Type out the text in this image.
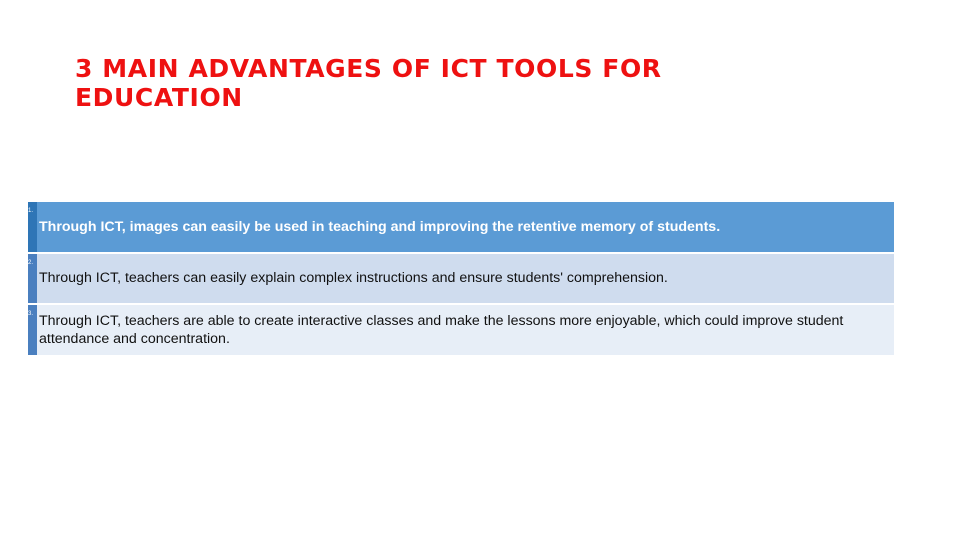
3 MAIN ADVANTAGES OF ICT TOOLS FOR EDUCATION
1.	Through ICT, images can easily be used in teaching and improving the retentive memory of students.
2.	Through ICT, teachers can easily explain complex instructions and ensure students' comprehension.
3.	Through ICT, teachers are able to create interactive classes and make the lessons more enjoyable, which could improve student attendance and concentration.
